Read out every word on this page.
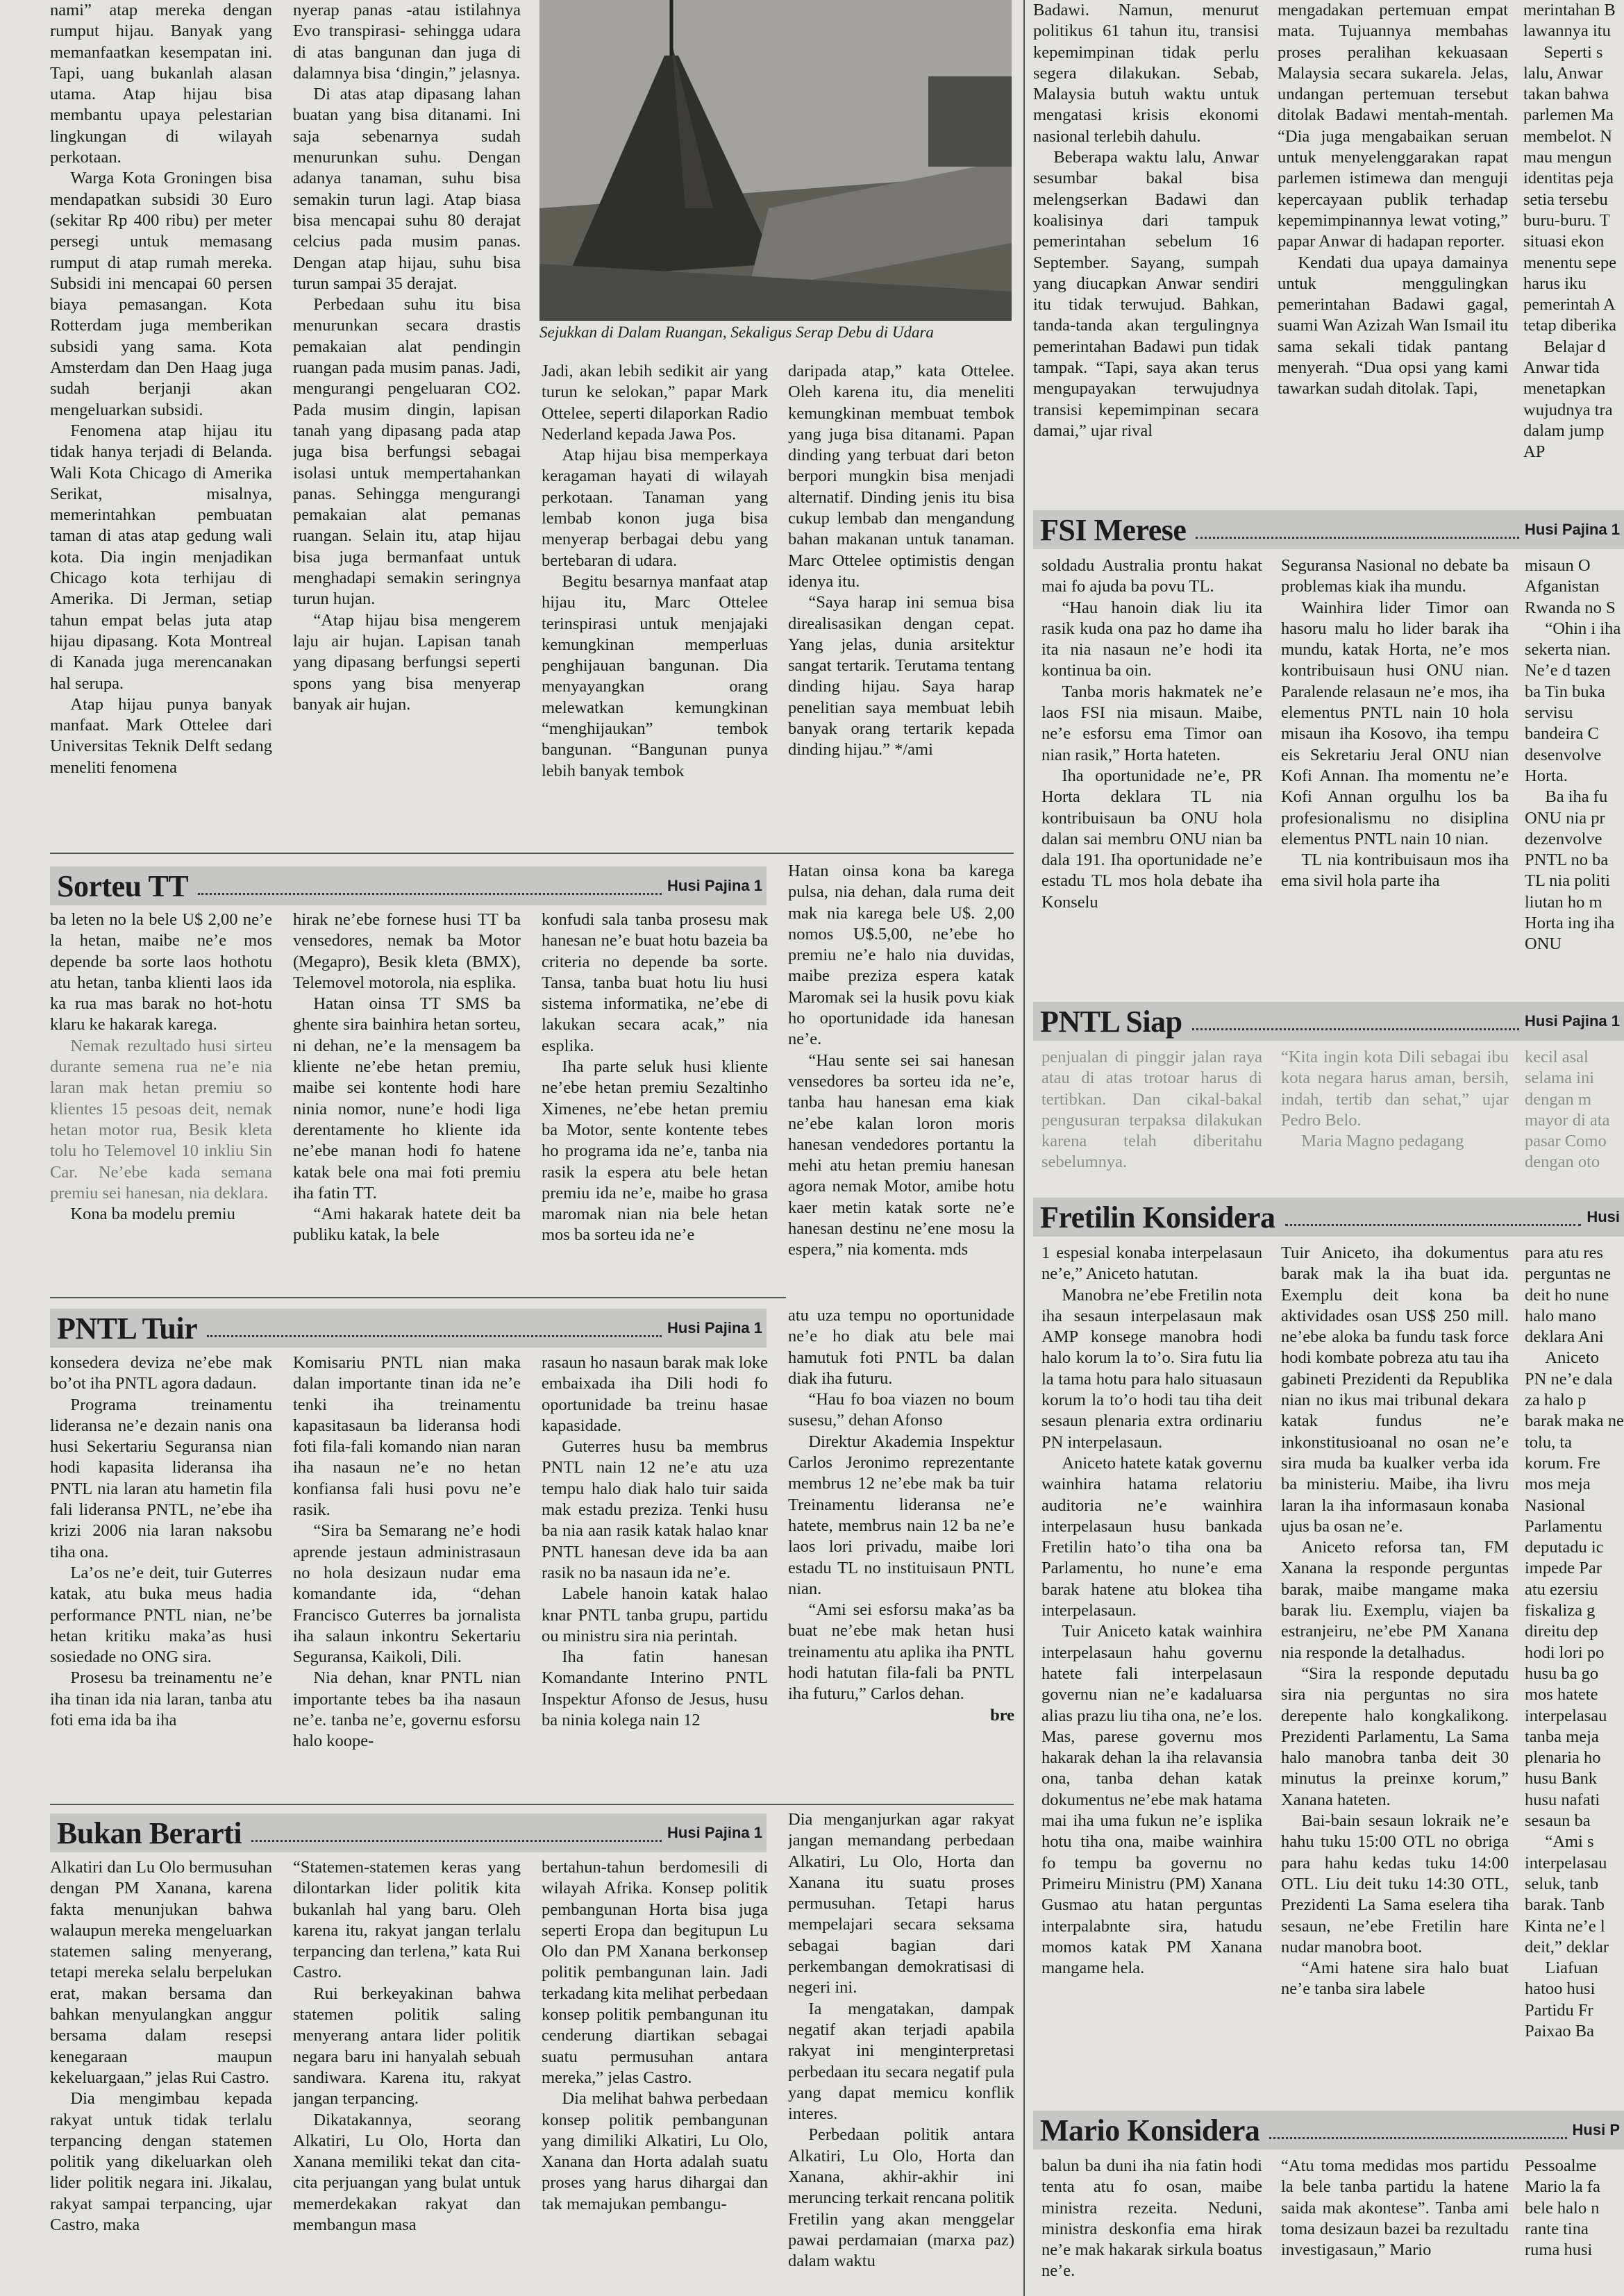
nami” atap mereka dengan rumput hijau. Banyak yang memanfaatkan kesempatan ini. Tapi, uang bukanlah alasan utama. Atap hijau bisa membantu upaya pelestarian lingkungan di wilayah perkotaan.

Warga Kota Groningen bisa mendapatkan subsidi 30 Euro (sekitar Rp 400 ribu) per meter persegi untuk memasang rumput di atap rumah mereka. Subsidi ini mencapai 60 persen biaya pemasangan. Kota Rotterdam juga memberikan subsidi yang sama. Kota Amsterdam dan Den Haag juga sudah berjanji akan mengeluarkan subsidi.

Fenomena atap hijau itu tidak hanya terjadi di Belanda. Wali Kota Chicago di Amerika Serikat, misalnya, memerintahkan pembuatan taman di atas atap gedung wali kota. Dia ingin menjadikan Chicago kota terhijau di Amerika. Di Jerman, setiap tahun empat belas juta atap hijau dipasang. Kota Montreal di Kanada juga merencanakan hal serupa.

Atap hijau punya banyak manfaat. Mark Ottelee dari Universitas Teknik Delft sedang meneliti fenomena

nyerap panas -atau istilahnya Evo transpirasi- sehingga udara di atas bangunan dan juga di dalamnya bisa ‘dingin,” jelasnya.

Di atas atap dipasang lahan buatan yang bisa ditanami. Ini saja sebenarnya sudah menurunkan suhu. Dengan adanya tanaman, suhu bisa semakin turun lagi. Atap biasa bisa mencapai suhu 80 derajat celcius pada musim panas. Dengan atap hijau, suhu bisa turun sampai 35 derajat.

Perbedaan suhu itu bisa menurunkan secara drastis pemakaian alat pendingin ruangan pada musim panas. Jadi, mengurangi pengeluaran CO2. Pada musim dingin, lapisan tanah yang dipasang pada atap juga bisa berfungsi sebagai isolasi untuk mempertahankan panas. Sehingga mengurangi pemakaian alat pemanas ruangan. Selain itu, atap hijau bisa juga bermanfaat untuk menghadapi semakin seringnya turun hujan.

“Atap hijau bisa mengerem laju air hujan. Lapisan tanah yang dipasang berfungsi seperti spons yang bisa menyerap banyak air hujan.

Sejukkan di Dalam Ruangan, Sekaligus Serap Debu di Udara

Jadi, akan lebih sedikit air yang turun ke selokan,” papar Mark Ottelee, seperti dilaporkan Radio Nederland kepada Jawa Pos.

Atap hijau bisa memperkaya keragaman hayati di wilayah perkotaan. Tanaman yang lembab konon juga bisa menyerap berbagai debu yang bertebaran di udara.

Begitu besarnya manfaat atap hijau itu, Marc Ottelee terinspirasi untuk menjajaki kemungkinan memperluas penghijauan bangunan. Dia menyayangkan orang melewatkan kemungkinan “menghijaukan” tembok bangunan. “Bangunan punya lebih banyak tembok

daripada atap,” kata Ottelee. Oleh karena itu, dia meneliti kemungkinan membuat tembok yang juga bisa ditanami. Papan dinding yang terbuat dari beton berpori mungkin bisa menjadi alternatif. Dinding jenis itu bisa cukup lembab dan mengandung bahan makanan untuk tanaman. Marc Ottelee optimistis dengan idenya itu.

“Saya harap ini semua bisa direalisasikan dengan cepat. Yang jelas, dunia arsitektur sangat tertarik. Terutama tentang dinding hijau. Saya harap penelitian saya membuat lebih banyak orang tertarik kepada dinding hijau.” */ami

Badawi. Namun, menurut politikus 61 tahun itu, transisi kepemimpinan tidak perlu segera dilakukan. Sebab, Malaysia butuh waktu untuk mengatasi krisis ekonomi nasional terlebih dahulu.

Beberapa waktu lalu, Anwar sesumbar bakal bisa melengserkan Badawi dan koalisinya dari tampuk pemerintahan sebelum 16 September. Sayang, sumpah yang diucapkan Anwar sendiri itu tidak terwujud. Bahkan, tanda-tanda akan tergulingnya pemerintahan Badawi pun tidak tampak. “Tapi, saya akan terus mengupayakan terwujudnya transisi kepemimpinan secara damai,” ujar rival

mengadakan pertemuan empat mata. Tujuannya membahas proses peralihan kekuasaan Malaysia secara sukarela. Jelas, undangan pertemuan tersebut ditolak Badawi mentah-mentah. “Dia juga mengabaikan seruan untuk menyelenggarakan rapat parlemen istimewa dan menguji kepercayaan publik terhadap kepemimpinannya lewat voting,” papar Anwar di hadapan reporter.

Kendati dua upaya damainya untuk menggulingkan pemerintahan Badawi gagal, suami Wan Azizah Wan Ismail itu sama sekali tidak pantang menyerah. “Dua opsi yang kami tawarkan sudah ditolak. Tapi,

merintahan B lawannya itu

Seperti s lalu, Anwar takan bahwa parlemen Ma membelot. N mau mengun identitas peja setia tersebu buru-buru. T situasi ekon menentu sepe harus iku pemerintah A tetap diberika

Belajar d Anwar tida menetapkan wujudnya tra dalam jump AP

FSI Merese	Husi Pajina 1

soldadu Australia prontu hakat mai fo ajuda ba povu TL.

“Hau hanoin diak liu ita rasik kuda ona paz ho dame iha ita nia nasaun ne’e hodi ita kontinua ba oin.

Tanba moris hakmatek ne’e laos FSI nia misaun. Maibe, ne’e esforsu ema Timor oan nian rasik,” Horta hateten.

Iha oportunidade ne’e, PR Horta deklara TL nia kontribuisaun ba ONU hola dalan sai membru ONU nian ba dala 191. Iha oportunidade ne’e estadu TL mos hola debate iha Konselu

Seguransa Nasional no debate ba problemas kiak iha mundu.

Wainhira lider Timor oan hasoru malu ho lider barak iha mundu, katak Horta, ne’e mos kontribuisaun husi ONU nian. Paralende relasaun ne’e mos, iha elementus PNTL nain 10 hola misaun iha Kosovo, iha tempu eis Sekretariu Jeral ONU nian Kofi Annan. Iha momentu ne’e Kofi Annan orgulhu los ba profesionalismu no disiplina elementus PNTL nain 10 nian.

TL nia kontribuisaun mos iha ema sivil hola parte iha

misaun O Afganistan Rwanda no S

“Ohin i iha sekerta nian. Ne’e d tazen ba Tin buka servisu bandeira C desenvolve Horta.

Ba iha fu ONU nia pr dezenvolve PNTL no ba TL nia politi liutan ho m Horta ing iha ONU

PNTL Siap	Husi Pajina 1

penjualan di pinggir jalan raya atau di atas trotoar harus di tertibkan. Dan cikal-bakal pengusuran terpaksa dilakukan karena telah diberitahu sebelumnya.

“Kita ingin kota Dili sebagai ibu kota negara harus aman, bersih, indah, tertib dan sehat,” ujar Pedro Belo.

Maria Magno pedagang

kecil asal selama ini dengan m mayor di ata pasar Como dengan oto

Fretilin Konsidera	Husi

1 espesial konaba interpelasaun ne’e,” Aniceto hatutan.

Manobra ne’ebe Fretilin nota iha sesaun interpelasaun mak AMP konsege manobra hodi halo korum la to’o. Sira futu lia la tama hotu para halo situasaun korum la to’o hodi tau tiha deit sesaun plenaria extra ordinariu PN interpelasaun.

Aniceto hatete katak governu wainhira hatama relatoriu auditoria ne’e wainhira interpelasaun husu bankada Fretilin hato’o tiha ona ba Parlamentu, ho nune’e ema barak hatene atu blokea tiha interpelasaun.

Tuir Aniceto katak wainhira interpelasaun hahu governu hatete fali interpelasaun governu nian ne’e kadaluarsa alias prazu liu tiha ona, ne’e los. Mas, parese governu mos hakarak dehan la iha relavansia ona, tanba dehan katak dokumentus ne’ebe mak hatama mai iha uma fukun ne’e isplika hotu tiha ona, maibe wainhira fo tempu ba governu no Primeiru Ministru (PM) Xanana Gusmao atu hatan perguntas interpalabnte sira, hatudu momos katak PM Xanana mangame hela.

Tuir Aniceto, iha dokumentus barak mak la iha buat ida. Exemplu deit kona ba aktividades osan US$ 250 mill. ne’ebe aloka ba fundu task force hodi kombate pobreza atu tau iha gabineti Prezidenti da Republika nian no ikus mai tribunal dekara katak fundus ne’e inkonstitusioanal no osan ne’e sira muda ba kualker verba ida ba ministeriu. Maibe, iha livru laran la iha informasaun konaba ujus ba osan ne’e.

Aniceto reforsa tan, FM Xanana la responde perguntas barak, maibe mangame maka barak liu. Exemplu, viajen ba estranjeiru, ne’ebe PM Xanana nia responde la detalhadus.

“Sira la responde deputadu sira nia perguntas no sira derepente halo kongkalikong. Prezidenti Parlamentu, La Sama halo manobra tanba deit 30 minutus la preinxe korum,” Xanana hateten.

Bai-bain sesaun lokraik ne’e hahu tuku 15:00 OTL no obriga para hahu kedas tuku 14:00 OTL. Liu deit tuku 14:30 OTL, Prezidenti La Sama eselera tiha sesaun, ne’ebe Fretilin hare nudar manobra boot.

“Ami hatene sira halo buat ne’e tanba sira labele

para atu res perguntas ne deit ho nune halo mano deklara Ani

Aniceto PN ne’e dala za halo p barak maka ne tolu, ta korum. Fre mos meja Nasional Parlamentu deputadu ic impede Par atu ezersiu fiskaliza g direitu dep hodi lori po husu ba go mos hatete interpelasau tanba meja plenaria ho husu Bank husu nafati sesaun ba

“Ami s interpelasau seluk, tanb barak. Tanb Kinta ne’e l deit,” deklar

Liafuan hatoo husi Partidu Fr Paixao Ba

Mario Konsidera	Husi P

balun ba duni iha nia fatin hodi tenta atu fo osan, maibe ministra rezeita. Neduni, ministra deskonfia ema hirak ne’e mak hakarak sirkula boatus ne’e.

“Atu toma medidas mos partidu la bele tanba partidu la hatene saida mak akontese”. Tanba ami toma desizaun bazei ba rezultadu investigasaun,” Mario

Pessoalme Mario la fa bele halo n rante tina ruma husi

Sorteu TT	Husi Pajina 1

ba leten no la bele U$ 2,00 ne’e la hetan, maibe ne’e mos depende ba sorte laos hothotu atu hetan, tanba klienti laos ida ka rua mas barak no hot-hotu klaru ke hakarak karega.

Nemak rezultado husi sirteu durante semena rua ne’e nia laran mak hetan premiu so klientes 15 pesoas deit, nemak hetan motor rua, Besik kleta tolu ho Telemovel 10 inkliu Sin Car. Ne’ebe kada semana premiu sei hanesan, nia deklara.

Kona ba modelu premiu

hirak ne’ebe fornese husi TT ba vensedores, nemak ba Motor (Megapro), Besik kleta (BMX), Telemovel motorola, nia esplika.

Hatan oinsa TT SMS ba ghente sira bainhira hetan sorteu, ni dehan, ne’e la mensagem ba kliente ne’ebe hetan premiu, maibe sei kontente hodi hare ninia nomor, nune’e hodi liga derentamente ho kliente ida ne’ebe manan hodi fo hatene katak bele ona mai foti premiu iha fatin TT.

“Ami hakarak hatete deit ba publiku katak, la bele

konfudi sala tanba prosesu mak hanesan ne’e buat hotu bazeia ba criteria no depende ba sorte. Tansa, tanba buat hotu liu husi sistema informatika, ne’ebe di lakukan secara acak,” nia esplika.

Iha parte seluk husi kliente ne’ebe hetan premiu Sezaltinho Ximenes, ne’ebe hetan premiu ba Motor, sente kontente tebes ho programa ida ne’e, tanba nia rasik la espera atu bele hetan premiu ida ne’e, maibe ho grasa maromak nian nia bele hetan mos ba sorteu ida ne’e

Hatan oinsa kona ba karega pulsa, nia dehan, dala ruma deit mak nia karega bele U$. 2,00 nomos U$.5,00, ne’ebe ho premiu ne’e halo nia duvidas, maibe preziza espera katak Maromak sei la husik povu kiak ho oportunidade ida hanesan ne’e.

“Hau sente sei sai hanesan vensedores ba sorteu ida ne’e, tanba hau hanesan ema kiak ne’ebe kalan loron moris hanesan vendedores portantu la mehi atu hetan premiu hanesan agora nemak Motor, amibe hotu kaer metin katak sorte ne’e hanesan destinu ne’ene mosu la espera,” nia komenta. mds

PNTL Tuir	Husi Pajina 1

konsedera deviza ne’ebe mak bo’ot iha PNTL agora dadaun.

Programa treinamentu lideransa ne’e dezain nanis ona husi Sekertariu Seguransa nian hodi kapasita lideransa iha PNTL nia laran atu hametin fila fali lideransa PNTL, ne’ebe iha krizi 2006 nia laran naksobu tiha ona.

La’os ne’e deit, tuir Guterres katak, atu buka meus hadia performance PNTL nian, ne’be hetan kritiku maka’as husi sosiedade no ONG sira.

Prosesu ba treinamentu ne’e iha tinan ida nia laran, tanba atu foti ema ida ba iha

Komisariu PNTL nian maka dalan importante tinan ida ne’e tenki iha treinamentu kapasitasaun ba lideransa hodi foti fila-fali komando nian naran iha nasaun ne’e no hetan konfiansa fali husi povu ne’e rasik.

“Sira ba Semarang ne’e hodi aprende jestaun administrasaun no hola desizaun nudar ema komandante ida, “dehan Francisco Guterres ba jornalista iha salaun inkontru Sekertariu Seguransa, Kaikoli, Dili.

Nia dehan, knar PNTL nian importante tebes ba iha nasaun ne’e. tanba ne’e, governu esforsu halo koope-

rasaun ho nasaun barak mak loke embaixada iha Dili hodi fo oportunidade ba treinu hasae kapasidade.

Guterres husu ba membrus PNTL nain 12 ne’e atu uza tempu halo diak halo tuir saida mak estadu preziza. Tenki husu ba nia aan rasik katak halao knar PNTL hanesan deve ida ba aan rasik no ba nasaun ida ne’e.

Labele hanoin katak halao knar PNTL tanba grupu, partidu ou ministru sira nia perintah.

Iha fatin hanesan Komandante Interino PNTL Inspektur Afonso de Jesus, husu ba ninia kolega nain 12

atu uza tempu no oportunidade ne’e ho diak atu bele mai hamutuk foti PNTL ba dalan diak iha futuru.

“Hau fo boa viazen no boum susesu,” dehan Afonso

Direktur Akademia Inspektur Carlos Jeronimo reprezentante membrus 12 ne’ebe mak ba tuir Treinamentu lideransa ne’e hatete, membrus nain 12 ba ne’e laos lori privadu, maibe lori estadu TL no instituisaun PNTL nian.

“Ami sei esforsu maka’as ba buat ne’ebe mak hetan husi treinamentu atu aplika iha PNTL hodi hatutan fila-fali ba PNTL iha futuru,” Carlos dehan.

bre

Bukan Berarti	Husi Pajina 1

Alkatiri dan Lu Olo bermusuhan dengan PM Xanana, karena fakta menunjukan bahwa walaupun mereka mengeluarkan statemen saling menyerang, tetapi mereka selalu berpelukan erat, makan bersama dan bahkan menyulangkan anggur bersama dalam resepsi kenegaraan maupun kekeluargaan,” jelas Rui Castro.

Dia mengimbau kepada rakyat untuk tidak terlalu terpancing dengan statemen politik yang dikeluarkan oleh lider politik negara ini. Jikalau, rakyat sampai terpancing, ujar Castro, maka

“Statemen-statemen keras yang dilontarkan lider politik kita bukanlah hal yang baru. Oleh karena itu, rakyat jangan terlalu terpancing dan terlena,” kata Rui Castro.

Rui berkeyakinan bahwa statemen politik saling menyerang antara lider politik negara baru ini hanyalah sebuah sandiwara. Karena itu, rakyat jangan terpancing.

Dikatakannya, seorang Alkatiri, Lu Olo, Horta dan Xanana memiliki tekat dan cita-cita perjuangan yang bulat untuk memerdekakan rakyat dan membangun masa

bertahun-tahun berdomesili di wilayah Afrika. Konsep politik pembangunan Horta bisa juga seperti Eropa dan begitupun Lu Olo dan PM Xanana berkonsep politik pembangunan lain. Jadi terkadang kita melihat perbedaan konsep politik pembangunan itu cenderung diartikan sebagai suatu permusuhan antara mereka,” jelas Castro.

Dia melihat bahwa perbedaan konsep politik pembangunan yang dimiliki Alkatiri, Lu Olo, Xanana dan Horta adalah suatu proses yang harus dihargai dan tak memajukan pembangu-

Dia menganjurkan agar rakyat jangan memandang perbedaan Alkatiri, Lu Olo, Horta dan Xanana itu suatu proses permusuhan. Tetapi harus mempelajari secara seksama sebagai bagian dari perkembangan demokratisasi di negeri ini.

Ia mengatakan, dampak negatif akan terjadi apabila rakyat ini menginterpretasi perbedaan itu secara negatif pula yang dapat memicu konflik interes.

Perbedaan politik antara Alkatiri, Lu Olo, Horta dan Xanana, akhir-akhir ini meruncing terkait rencana politik Fretilin yang akan menggelar pawai perdamaian (marxa paz) dalam waktu
